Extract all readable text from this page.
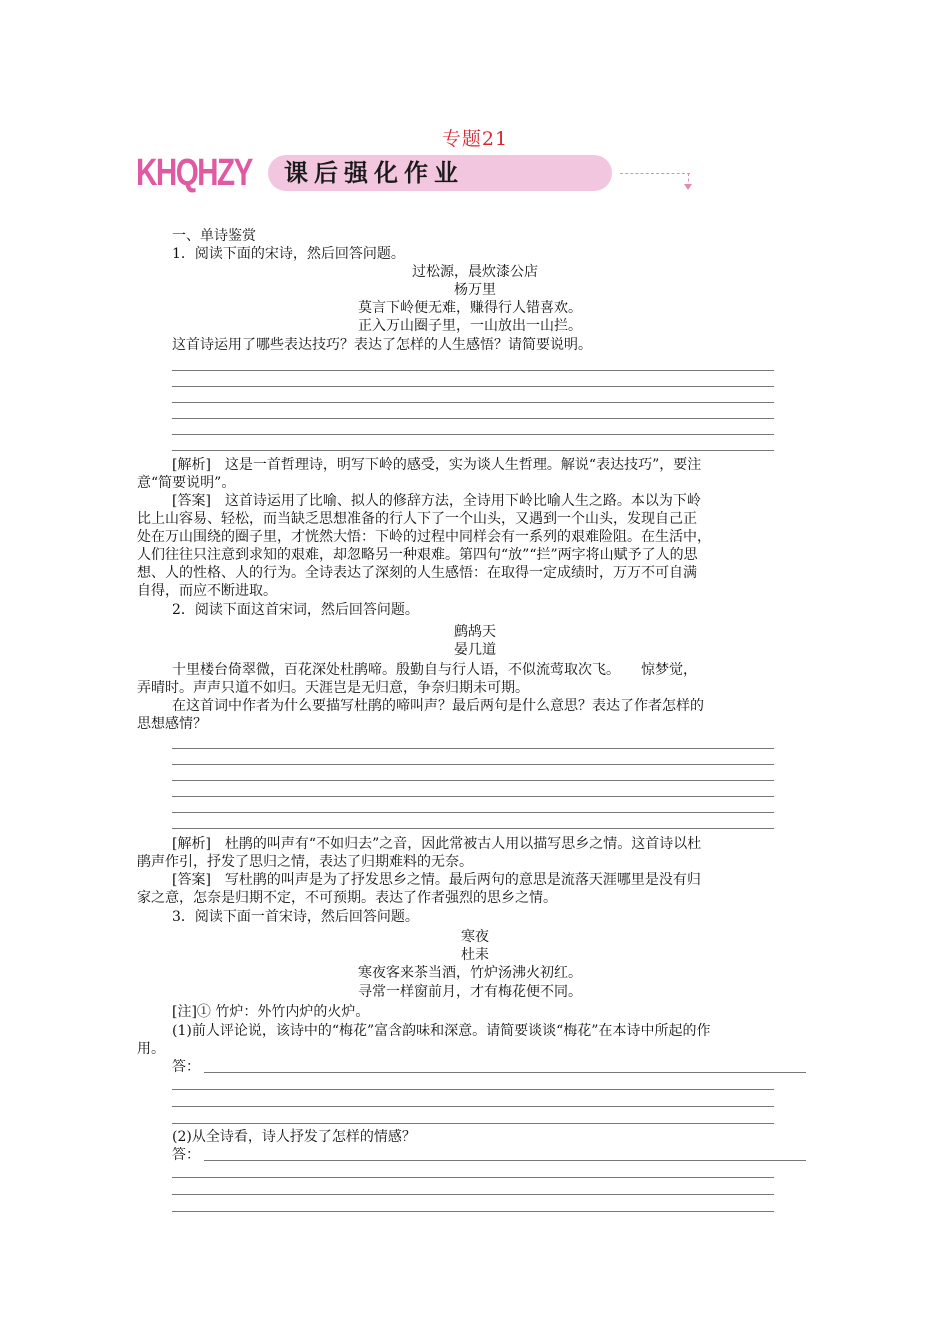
专题21
KHQHZY 课后强化作业
一、单诗鉴赏
1．阅读下面的宋诗，然后回答问题。
过松源，晨炊漆公店
杨万里
莫言下岭便无难，赚得行人错喜欢。
正入万山圈子里，一山放出一山拦。
这首诗运用了哪些表达技巧？表达了怎样的人生感悟？请简要说明。
[解析]　这是一首哲理诗，明写下岭的感受，实为谈人生哲理。解说“表达技巧”，要注
意“简要说明”。
[答案]　这首诗运用了比喻、拟人的修辞方法，全诗用下岭比喻人生之路。本以为下岭
比上山容易、轻松，而当缺乏思想准备的行人下了一个山头，又遇到一个山头，发现自己正
处在万山围绕的圈子里，才恍然大悟：下岭的过程中同样会有一系列的艰难险阻。在生活中，
人们往往只注意到求知的艰难，却忽略另一种艰难。第四句“放”“拦”两字将山赋予了人的思
想、人的性格、人的行为。全诗表达了深刻的人生感悟：在取得一定成绩时，万万不可自满
自得，而应不断进取。
2．阅读下面这首宋词，然后回答问题。
鹧鸪天
晏几道
十里楼台倚翠微，百花深处杜鹃啼。殷勤自与行人语，不似流莺取次飞。　　惊梦觉，
弄晴时。声声只道不如归。天涯岂是无归意，争奈归期未可期。
在这首词中作者为什么要描写杜鹃的啼叫声？最后两句是什么意思？表达了作者怎样的
思想感情？
[解析]　杜鹃的叫声有“不如归去”之音，因此常被古人用以描写思乡之情。这首诗以杜
鹃声作引，抒发了思归之情，表达了归期难料的无奈。
[答案]　写杜鹃的叫声是为了抒发思乡之情。最后两句的意思是流落天涯哪里是没有归
家之意，怎奈是归期不定，不可预期。表达了作者强烈的思乡之情。
3．阅读下面一首宋诗，然后回答问题。
寒夜
杜耒
寒夜客来茶当酒，竹炉汤沸火初红。
寻常一样窗前月，才有梅花便不同。
[注]① 竹炉：外竹内炉的火炉。
(1)前人评论说，该诗中的“梅花”富含韵味和深意。请简要谈谈“梅花”在本诗中所起的作
用。
答：
(2)从全诗看，诗人抒发了怎样的情感？
答：
